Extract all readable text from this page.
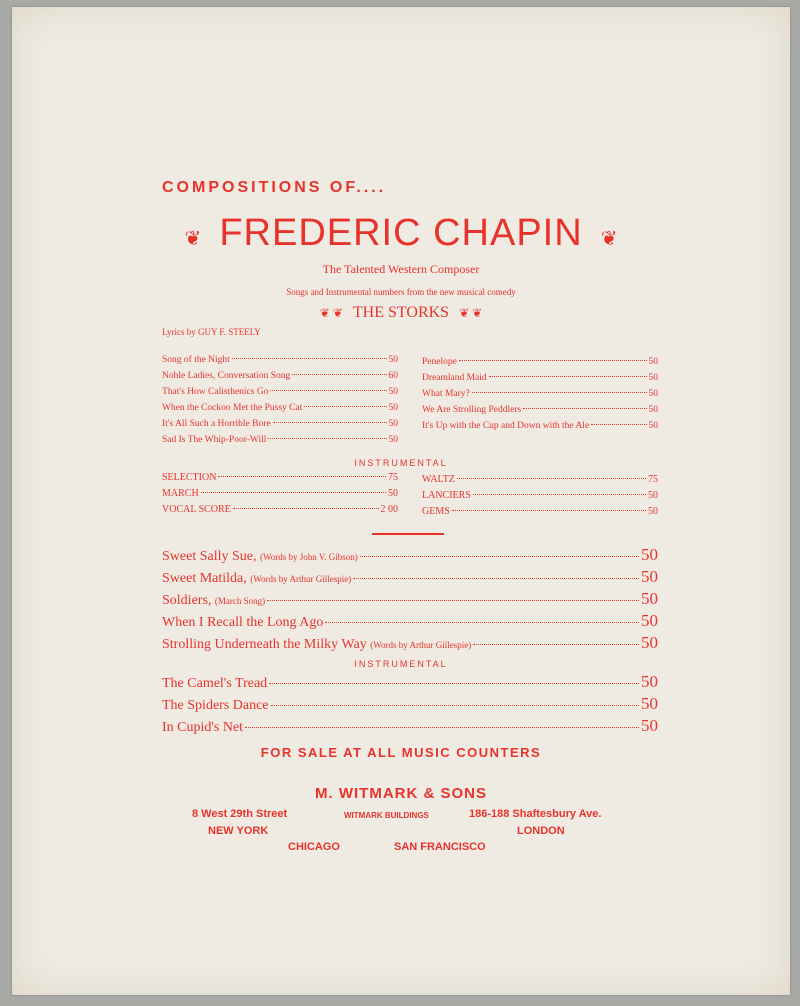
COMPOSITIONS OF....
❦ FREDERIC CHAPIN ❦
The Talented Western Composer
Songs and Instrumental numbers from the new musical comedy
❦ ❦ THE STORKS ❦ ❦
Lyrics by GUY F. STEELY
Song of the Night	50
Noble Ladies, Conversation Song	60
That's How Calisthenics Go	50
When the Cockoo Met the Pussy Cat	50
It's All Such a Horrible Bore	50
Sad Is The Whip-Poor-Will	50
Penelope	50
Dreamland Maid	50
What Mary?	50
We Are Strolling Peddlers	50
It's Up with the Cup and Down with the Ale	50
INSTRUMENTAL
SELECTION	75
MARCH	50
VOCAL SCORE	2 00
WALTZ	75
LANCIERS	50
GEMS	50
Sweet Sally Sue,
(Words by John V. Gibson)	50
Sweet Matilda,
(Words by Arthur Gillespie)	50
Soldiers,
(March Song)	50
When I Recall the Long Ago	50
Strolling Underneath the Milky Way
(Words by Arthur Gillespie)	50
INSTRUMENTAL
The Camel's Tread	50
The Spiders Dance	50
In Cupid's Net	50
FOR SALE AT ALL MUSIC COUNTERS
M. WITMARK & SONS
8 West 29th Street	WITMARK BUILDINGS	186-188 Shaftesbury Ave.
NEW YORK	LONDON
CHICAGO	SAN FRANCISCO
